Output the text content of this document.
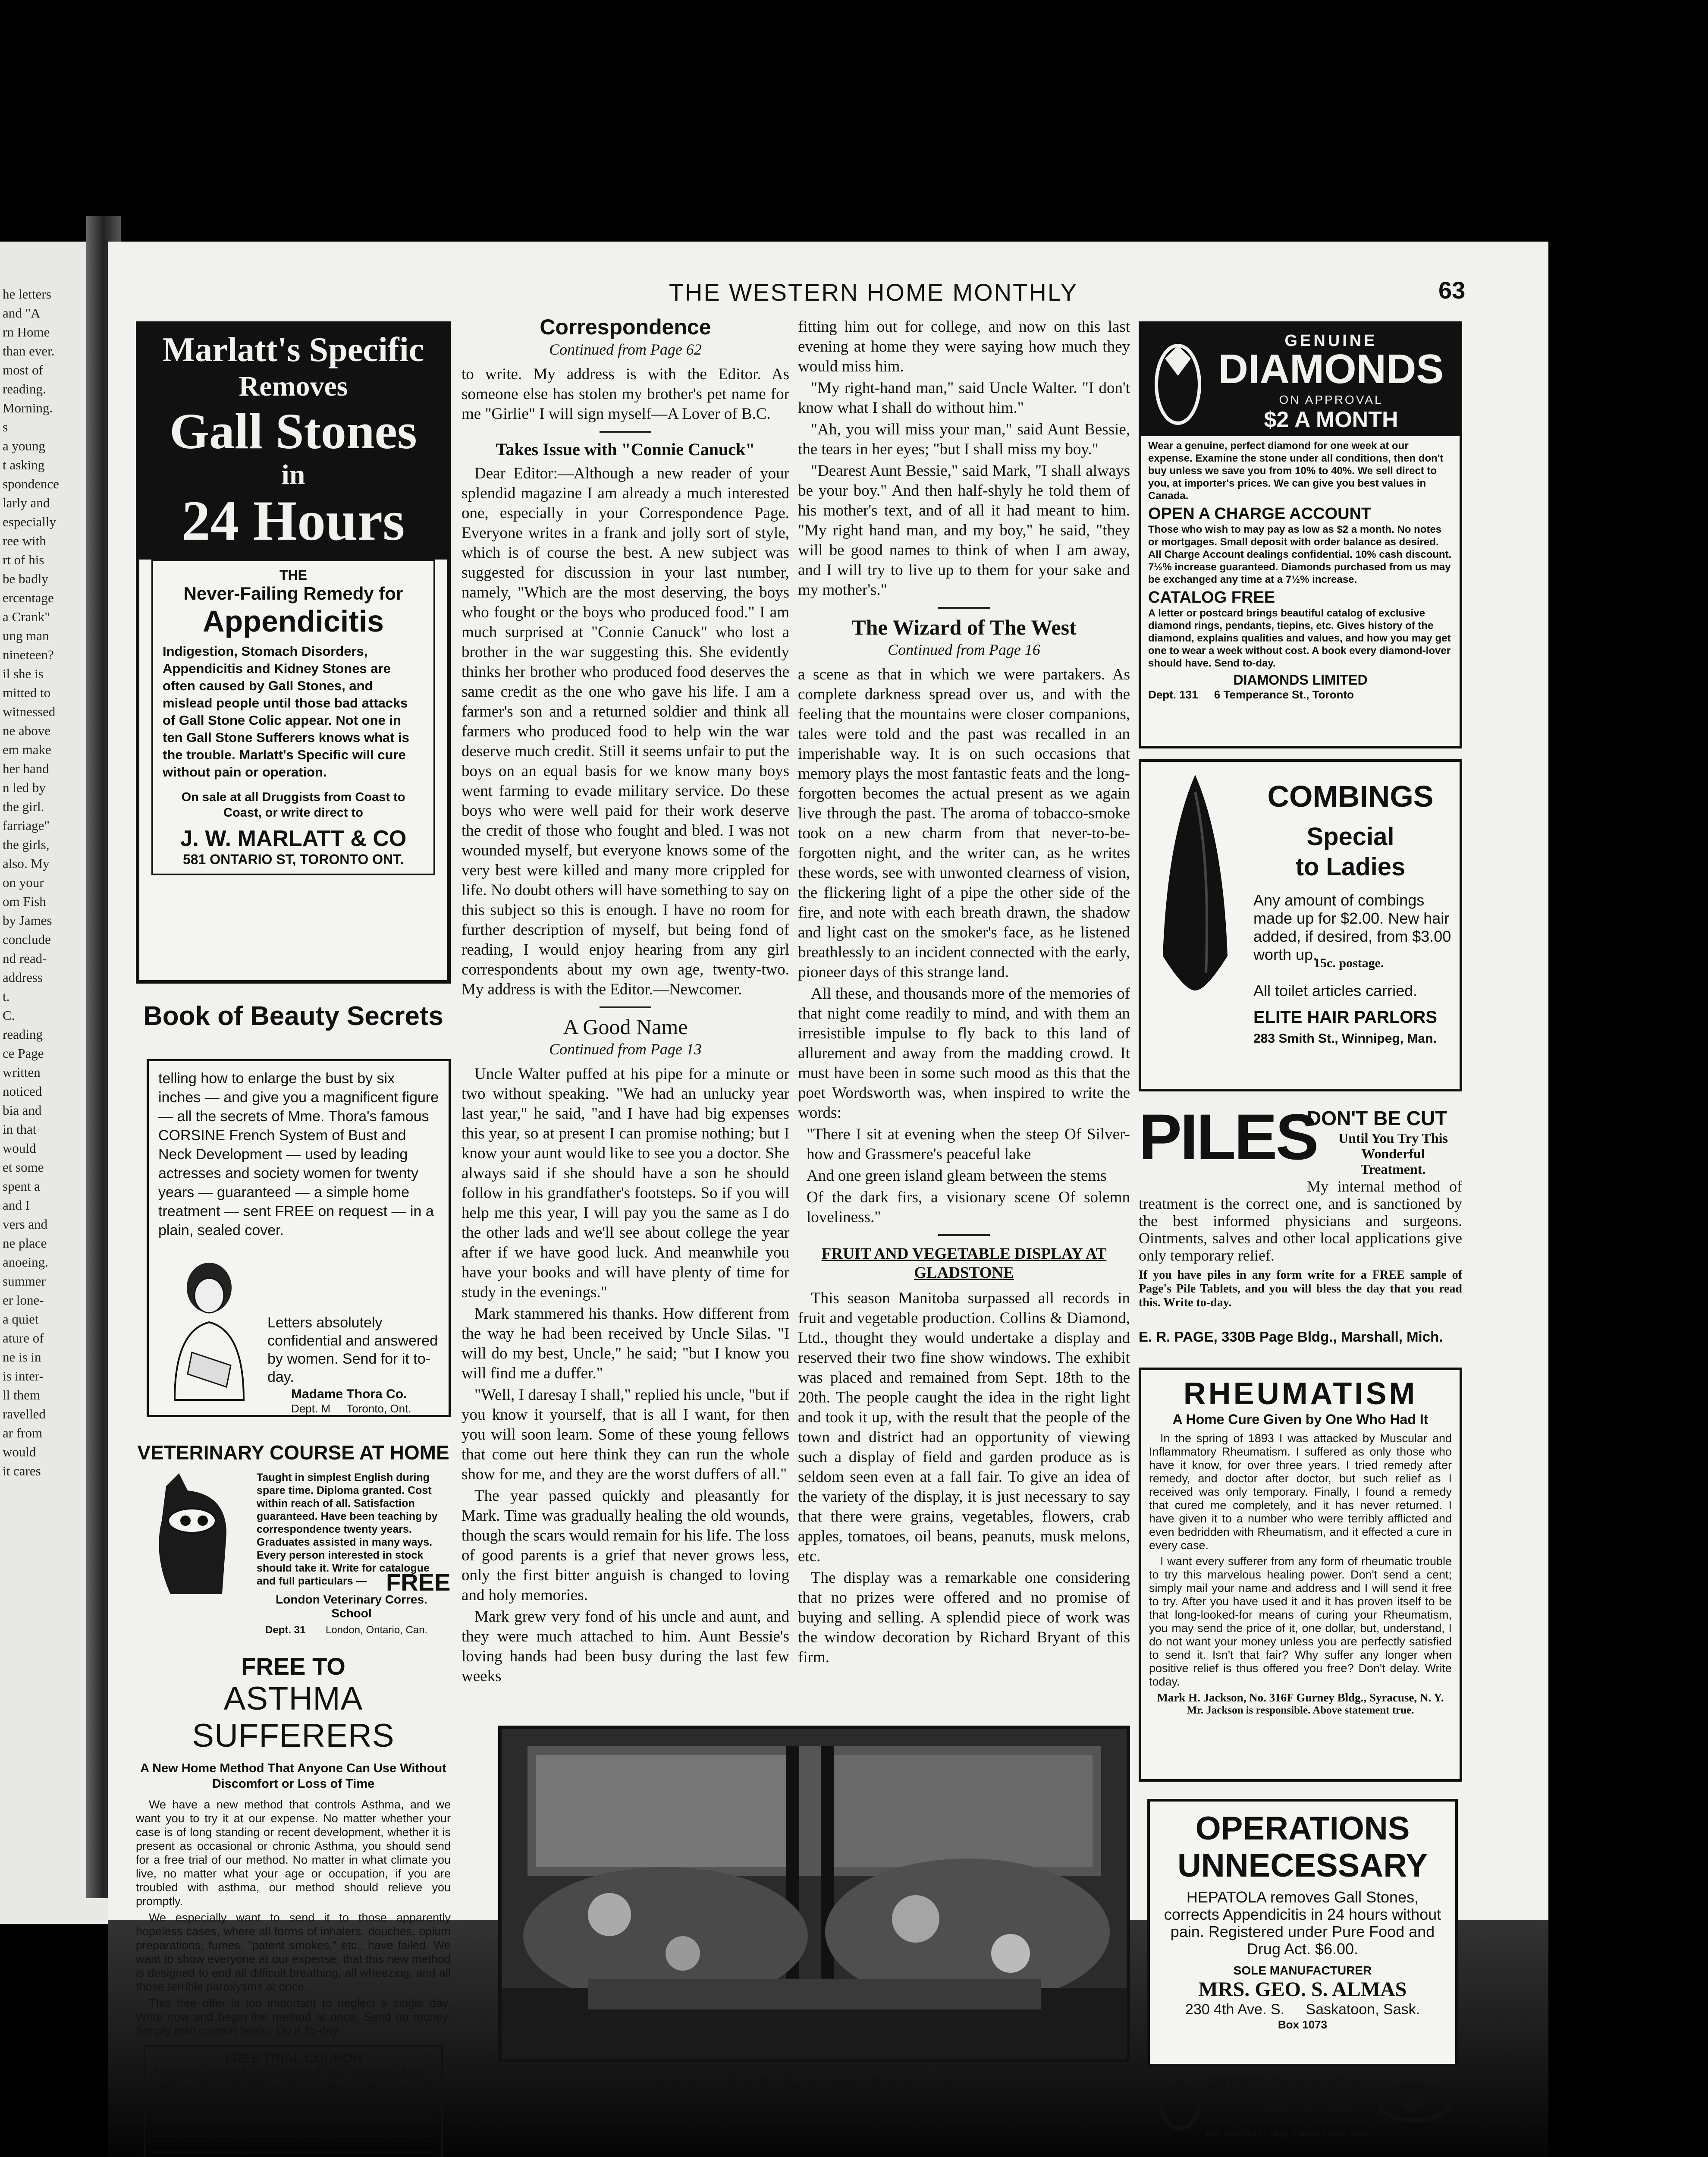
he letters
and "A
rn Home
than ever.
most of
reading.
Morning.
s
a young
t asking
spondence
larly and
especially
ree with
rt of his
be badly
ercentage
a Crank"
ung man
nineteen?
il she is
mitted to
witnessed
ne above
em make
her hand
n led by
the girl.
farriage"
the girls,
also. My
on your
om Fish
by James
conclude
nd read-
address
t.
C.
reading
ce Page
written
noticed
bia and
in that
would
et some
spent a
and I
vers and
ne place
anoeing.
summer
er lone-
a quiet
ature of
ne is in
is inter-
ll them
ravelled
ar from
would
it cares
THE WESTERN HOME MONTHLY	63
Marlatt's Specific
Removes
Gall Stones
in
24 Hours
THE
Never-Failing Remedy for
Appendicitis
Indigestion, Stomach Disorders, Appendicitis and Kidney Stones are often caused by Gall Stones, and mislead people until those bad attacks of Gall Stone Colic appear. Not one in ten Gall Stone Sufferers knows what is the trouble. Marlatt's Specific will cure without pain or operation.
On sale at all Druggists from Coast to Coast, or write direct to
J. W. MARLATT & CO
581 ONTARIO ST, TORONTO ONT.
Book of Beauty Secrets
telling how to enlarge the bust by six inches — and give you a magnificent figure — all the secrets of Mme. Thora's famous CORSINE French System of Bust and Neck Development — used by leading actresses and society women for twenty years — guaranteed — a simple home treatment — sent FREE on request — in a plain, sealed cover.
Letters absolutely confidential and answered by women. Send for it to-day.
Madame Thora Co.
Dept. M Toronto, Ont.
VETERINARY COURSE AT HOME
Taught in simplest English during spare time. Diploma granted. Cost within reach of all. Satisfaction guaranteed. Have been teaching by correspondence twenty years. Graduates assisted in many ways. Every person interested in stock should take it. Write for catalogue and full particulars — FREE
London Veterinary Corres. School
Dept. 31 London, Ontario, Can.
FREE TO
ASTHMA SUFFERERS
A New Home Method That Anyone Can Use Without Discomfort or Loss of Time
We have a new method that controls Asthma, and we want you to try it at our expense. No matter whether your case is of long standing or recent development, whether it is present as occasional or chronic Asthma, you should send for a free trial of our method. No matter in what climate you live, no matter what your age or occupation, if you are troubled with asthma, our method should relieve you promptly.
We especially want to send it to those apparently hopeless cases, where all forms of inhalers, douches, opium preparations, fumes, "patent smokes," etc., have failed. We want to show everyone at our expense, that this new method is designed to end all difficult breathing, all wheezing, and all those terrible paroxysms at once.
This free offer is too important to neglect a single day. Write now and begin the method at once. Send no money. Simply mail coupon below. Do it To-day.
FREE TRIAL COUPON
FRONTIER ASTHMA CO., Room 872X, Niagara and Hudson Sts., Buffalo, N.Y. Send free trial of your method to:
Correspondence
Continued from Page 62

to write. My address is with the Editor. As someone else has stolen my brother's pet name for me "Girlie" I will sign myself—A Lover of B.C.

Takes Issue with "Connie Canuck"

Dear Editor:—Although a new reader of your splendid magazine I am already a much interested one, especially in your Correspondence Page. Everyone writes in a frank and jolly sort of style, which is of course the best. A new subject was suggested for discussion in your last number, namely, "Which are the most deserving, the boys who fought or the boys who produced food." I am much surprised at "Connie Canuck" who lost a brother in the war suggesting this. She evidently thinks her brother who produced food deserves the same credit as the one who gave his life. I am a farmer's son and a returned soldier and think all farmers who produced food to help win the war deserve much credit. Still it seems unfair to put the boys on an equal basis for we know many boys went farming to evade military service. Do these boys who were well paid for their work deserve the credit of those who fought and bled. I was not wounded myself, but everyone knows some of the very best were killed and many more crippled for life. No doubt others will have something to say on this subject so this is enough. I have no room for further description of myself, but being fond of reading, I would enjoy hearing from any girl correspondents about my own age, twenty-two. My address is with the Editor.—Newcomer.

A Good Name
Continued from Page 13

Uncle Walter puffed at his pipe for a minute or two without speaking. "We had an unlucky year last year," he said, "and I have had big expenses this year, so at present I can promise nothing; but I know your aunt would like to see you a doctor. She always said if she should have a son he should follow in his grandfather's footsteps. So if you will help me this year, I will pay you the same as I do the other lads and we'll see about college the year after if we have good luck. And meanwhile you have your books and will have plenty of time for study in the evenings."

Mark stammered his thanks. How different from the way he had been received by Uncle Silas. "I will do my best, Uncle," he said; "but I know you will find me a duffer."

"Well, I daresay I shall," replied his uncle, "but if you know it yourself, that is all I want, for then you will soon learn. Some of these young fellows that come out here think they can run the whole show for me, and they are the worst duffers of all."

The year passed quickly and pleasantly for Mark. Time was gradually healing the old wounds, though the scars would remain for his life. The loss of good parents is a grief that never grows less, only the first bitter anguish is changed to loving and holy memories.

Mark grew very fond of his uncle and aunt, and they were much attached to him. Aunt Bessie's loving hands had been busy during the last few weeks

fitting him out for college, and now on this last evening at home they were saying how much they would miss him.

"My right-hand man," said Uncle Walter. "I don't know what I shall do without him."

"Ah, you will miss your man," said Aunt Bessie, the tears in her eyes; "but I shall miss my boy."

"Dearest Aunt Bessie," said Mark, "I shall always be your boy." And then half-shyly he told them of his mother's text, and of all it had meant to him. "My right hand man, and my boy," he said, "they will be good names to think of when I am away, and I will try to live up to them for your sake and my mother's."

The Wizard of The West
Continued from Page 16

a scene as that in which we were partakers. As complete darkness spread over us, and with the feeling that the mountains were closer companions, tales were told and the past was recalled in an imperishable way. It is on such occasions that memory plays the most fantastic feats and the long-forgotten becomes the actual present as we again live through the past. The aroma of tobacco-smoke took on a new charm from that never-to-be-forgotten night, and the writer can, as he writes these words, see with unwonted clearness of vision, the flickering light of a pipe the other side of the fire, and note with each breath drawn, the shadow and light cast on the smoker's face, as he listened breathlessly to an incident connected with the early, pioneer days of this strange land.

All these, and thousands more of the memories of that night come readily to mind, and with them an irresistible impulse to fly back to this land of allurement and away from the madding crowd. It must have been in some such mood as this that the poet Wordsworth was, when inspired to write the words:

"There I sit at evening when the steep Of Silver-how and Grassmere's peaceful lake

And one green island gleam between the stems

Of the dark firs, a visionary scene Of solemn loveliness."

FRUIT AND VEGETABLE DISPLAY AT GLADSTONE

This season Manitoba surpassed all records in fruit and vegetable production. Collins & Diamond, Ltd., thought they would undertake a display and reserved their two fine show windows. The exhibit was placed and remained from Sept. 18th to the 20th. The people caught the idea in the right light and took it up, with the result that the people of the town and district had an opportunity of viewing such a display of field and garden produce as is seldom seen even at a fall fair. To give an idea of the variety of the display, it is just necessary to say that there were grains, vegetables, flowers, crab apples, tomatoes, oil beans, peanuts, musk melons, etc.

The display was a remarkable one considering that no prizes were offered and no promise of buying and selling. A splendid piece of work was the window decoration by Richard Bryant of this firm.

Artistic garden display in store, Gladstone, Man.
GENUINE
DIAMONDS
ON APPROVAL
$2 A MONTH
Wear a genuine, perfect diamond for one week at our expense. Examine the stone under all conditions, then don't buy unless we save you from 10% to 40%. We sell direct to you, at importer's prices. We can give you best values in Canada.
OPEN A CHARGE ACCOUNT
Those who wish to may pay as low as $2 a month. No notes or mortgages. Small deposit with order balance as desired. All Charge Account dealings confidential. 10% cash discount. 7½% increase guaranteed. Diamonds purchased from us may be exchanged any time at a 7½% increase.
CATALOG FREE
A letter or postcard brings beautiful catalog of exclusive diamond rings, pendants, tiepins, etc. Gives history of the diamond, explains qualities and values, and how you may get one to wear a week without cost. A book every diamond-lover should have. Send to-day.
DIAMONDS LIMITED
Dept. 131 6 Temperance St., Toronto
COMBINGS
Special
to Ladies
Any amount of combings made up for $2.00. New hair added, if desired, from $3.00 worth up.
15c. postage.
All toilet articles carried.
ELITE HAIR PARLORS
283 Smith St., Winnipeg, Man.
PILES
DON'T BE CUT
Until You Try This Wonderful Treatment.
My internal method of treatment is the correct one, and is sanctioned by the best informed physicians and surgeons. Ointments, salves and other local applications give only temporary relief.
If you have piles in any form write for a FREE sample of Page's Pile Tablets, and you will bless the day that you read this. Write to-day.
E. R. PAGE, 330B Page Bldg., Marshall, Mich.
RHEUMATISM
A Home Cure Given by One Who Had It
In the spring of 1893 I was attacked by Muscular and Inflammatory Rheumatism. I suffered as only those who have it know, for over three years. I tried remedy after remedy, and doctor after doctor, but such relief as I received was only temporary. Finally, I found a remedy that cured me completely, and it has never returned. I have given it to a number who were terribly afflicted and even bedridden with Rheumatism, and it effected a cure in every case.
I want every sufferer from any form of rheumatic trouble to try this marvelous healing power. Don't send a cent; simply mail your name and address and I will send it free to try. After you have used it and it has proven itself to be that long-looked-for means of curing your Rheumatism, you may send the price of it, one dollar, but, understand, I do not want your money unless you are perfectly satisfied to send it. Isn't that fair? Why suffer any longer when positive relief is thus offered you free? Don't delay. Write today.
Mark H. Jackson, No. 316F Gurney Bldg., Syracuse, N. Y.
Mr. Jackson is responsible. Above statement true.
OPERATIONS
UNNECESSARY
HEPATOLA removes Gall Stones, corrects Appendicitis in 24 hours without pain. Registered under Pure Food and Drug Act. $6.00.
SOLE MANUFACTURER
MRS. GEO. S. ALMAS
230 4th Ave. S. Saskatoon, Sask.
Box 1073
FREE Rex Wonder or Rose Red Ring Set with rose bud or Rex sparkler. Your size for 15c. both for 25c. Warranted 3 years. Gold Filled.
Rex Jewelry Co., Dept. 2 Battle Creek, Mich.
